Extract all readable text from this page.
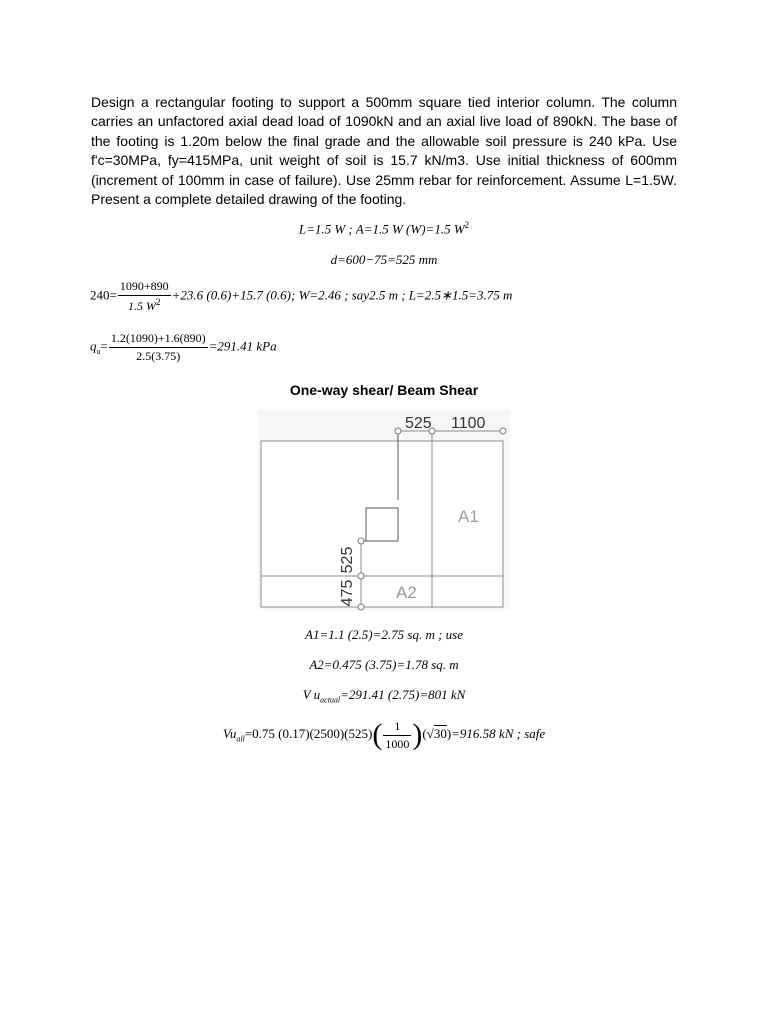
Design a rectangular footing to support a 500mm square tied interior column. The column carries an unfactored axial dead load of 1090kN and an axial live load of 890kN. The base of the footing is 1.20m below the final grade and the allowable soil pressure is 240 kPa. Use f'c=30MPa, fy=415MPa, unit weight of soil is 15.7 kN/m3. Use initial thickness of 600mm (increment of 100mm in case of failure). Use 25mm rebar for reinforcement. Assume L=1.5W. Present a complete detailed drawing of the footing.
L=1.5 W ; A=1.5 W (W)=1.5 $W^2$
d=600−75=525 mm
$240= \frac{1090+890}{1.5 W^2} +23.6$ (0.6)+15.7 (0.6); W=2.46 ; say2.5 m ; L=2.5∗1.5=3.75 m
$q_u= \frac{1.2(1090)+1.6(890)}{2.5(3.75)} =291.41$ kPa
One-way shear/ Beam Shear
525 1100
525
475
A1
A2
A1=1.1 (2.5)=2.75 sq. m ; use
A2=0.475 (3.75)=1.78 sq. m
V $u_{actual}=291.41$ (2.75)=801 kN
$Vu_{all}=0.75$ $(0.17)(2500)(525)( \frac{1}{1000} )(√30)=916.58$ kN ; safe
